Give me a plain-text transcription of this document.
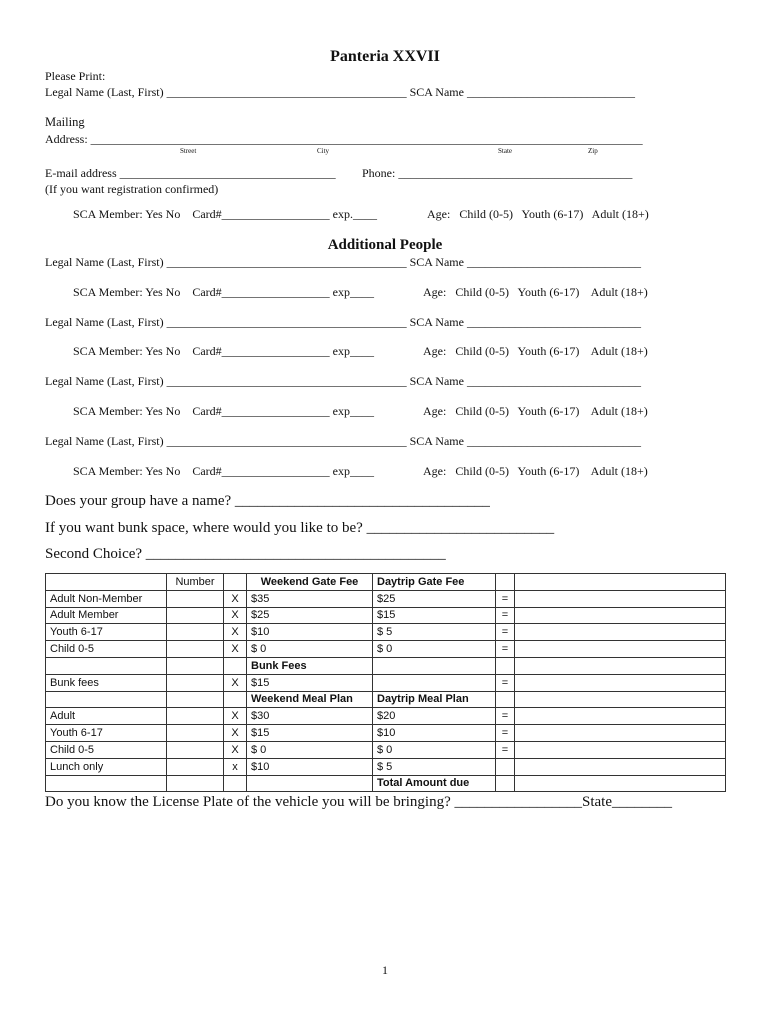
Panteria XXVII
Please Print:
Legal Name (Last, First) ________________________________________ SCA Name ____________________________
Mailing
Address: ____________________________________________________________________________________________
Street	City	State	Zip
E-mail address ____________________________________ Phone: _______________________________________
(If you want registration confirmed)
SCA Member: Yes No    Card#__________________ exp.____	Age:   Child (0-5)   Youth (6-17)   Adult (18+)
Additional People
Legal Name (Last, First) ________________________________________ SCA Name _____________________________
SCA Member: Yes No    Card#__________________ exp____	Age:   Child (0-5)   Youth (6-17)    Adult (18+)
Legal Name (Last, First) ________________________________________ SCA Name _____________________________
SCA Member: Yes No    Card#__________________ exp____	Age:   Child (0-5)   Youth (6-17)    Adult (18+)
Legal Name (Last, First) ________________________________________ SCA Name _____________________________
SCA Member: Yes No    Card#__________________ exp____	Age:   Child (0-5)   Youth (6-17)    Adult (18+)
Legal Name (Last, First) ________________________________________ SCA Name _____________________________
SCA Member: Yes No    Card#__________________ exp____	Age:   Child (0-5)   Youth (6-17)    Adult (18+)
Does your group have a name? __________________________________
If you want bunk space, where would you like to be? _________________________
Second Choice? ________________________________________
	Number		Weekend Gate Fee	Daytrip Gate Fee		
Adult Non-Member		X	$35	$25	=	
Adult Member		X	$25	$15	=	
Youth 6-17		X	$10	$ 5	=	
Child 0-5		X	$ 0	$ 0	=	
			Bunk Fees			
Bunk fees		X	$15		=	
			Weekend Meal Plan	Daytrip Meal Plan		
Adult		X	$30	$20	=	
Youth 6-17		X	$15	$10	=	
Child 0-5		X	$ 0	$ 0	=	
Lunch only		x	$10	$ 5		
				Total Amount due		
Do you know the License Plate of the vehicle you will be bringing? _________________State________
1
